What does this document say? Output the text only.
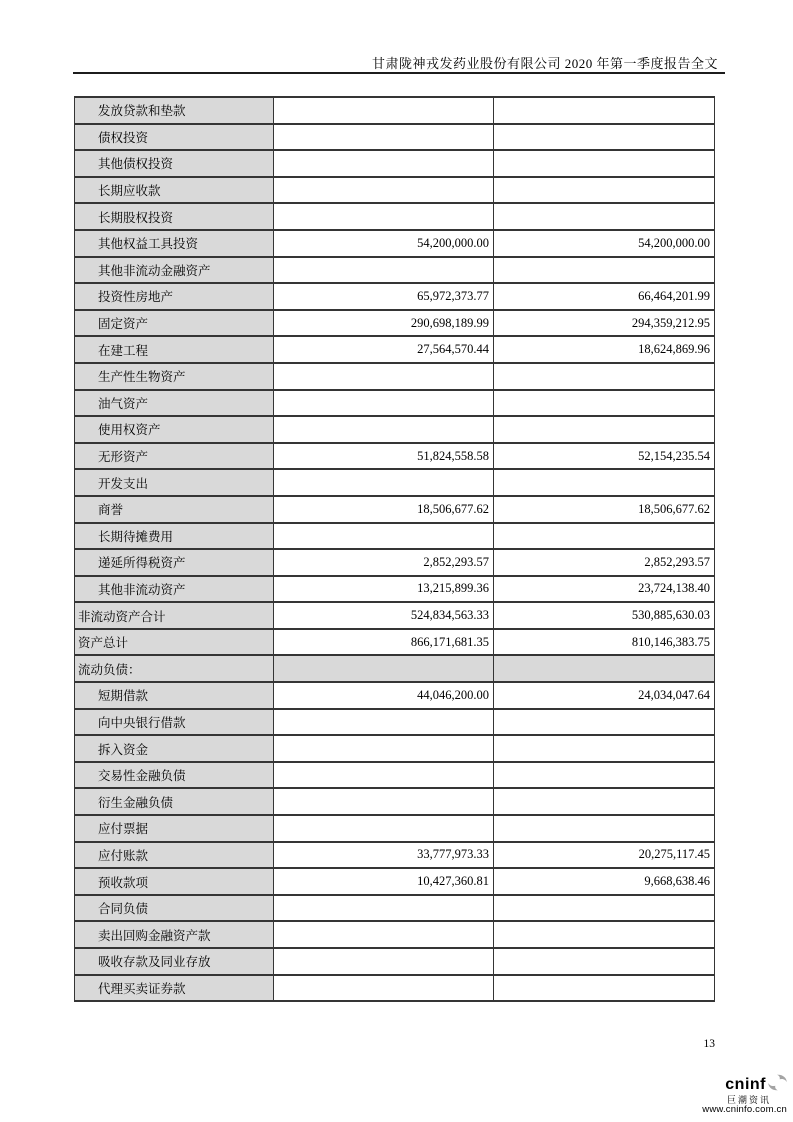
甘肃陇神戎发药业股份有限公司 2020 年第一季度报告全文
发放贷款和垫款		
债权投资		
其他债权投资		
长期应收款		
长期股权投资		
其他权益工具投资	54,200,000.00	54,200,000.00
其他非流动金融资产		
投资性房地产	65,972,373.77	66,464,201.99
固定资产	290,698,189.99	294,359,212.95
在建工程	27,564,570.44	18,624,869.96
生产性生物资产		
油气资产		
使用权资产		
无形资产	51,824,558.58	52,154,235.54
开发支出		
商誉	18,506,677.62	18,506,677.62
长期待摊费用		
递延所得税资产	2,852,293.57	2,852,293.57
其他非流动资产	13,215,899.36	23,724,138.40
非流动资产合计	524,834,563.33	530,885,630.03
资产总计	866,171,681.35	810,146,383.75
流动负债：		
短期借款	44,046,200.00	24,034,047.64
向中央银行借款		
拆入资金		
交易性金融负债		
衍生金融负债		
应付票据		
应付账款	33,777,973.33	20,275,117.45
预收款项	10,427,360.81	9,668,638.46
合同负债		
卖出回购金融资产款		
吸收存款及同业存放		
代理买卖证券款		
13
cninf
巨潮资讯
www.cninfo.com.cn
